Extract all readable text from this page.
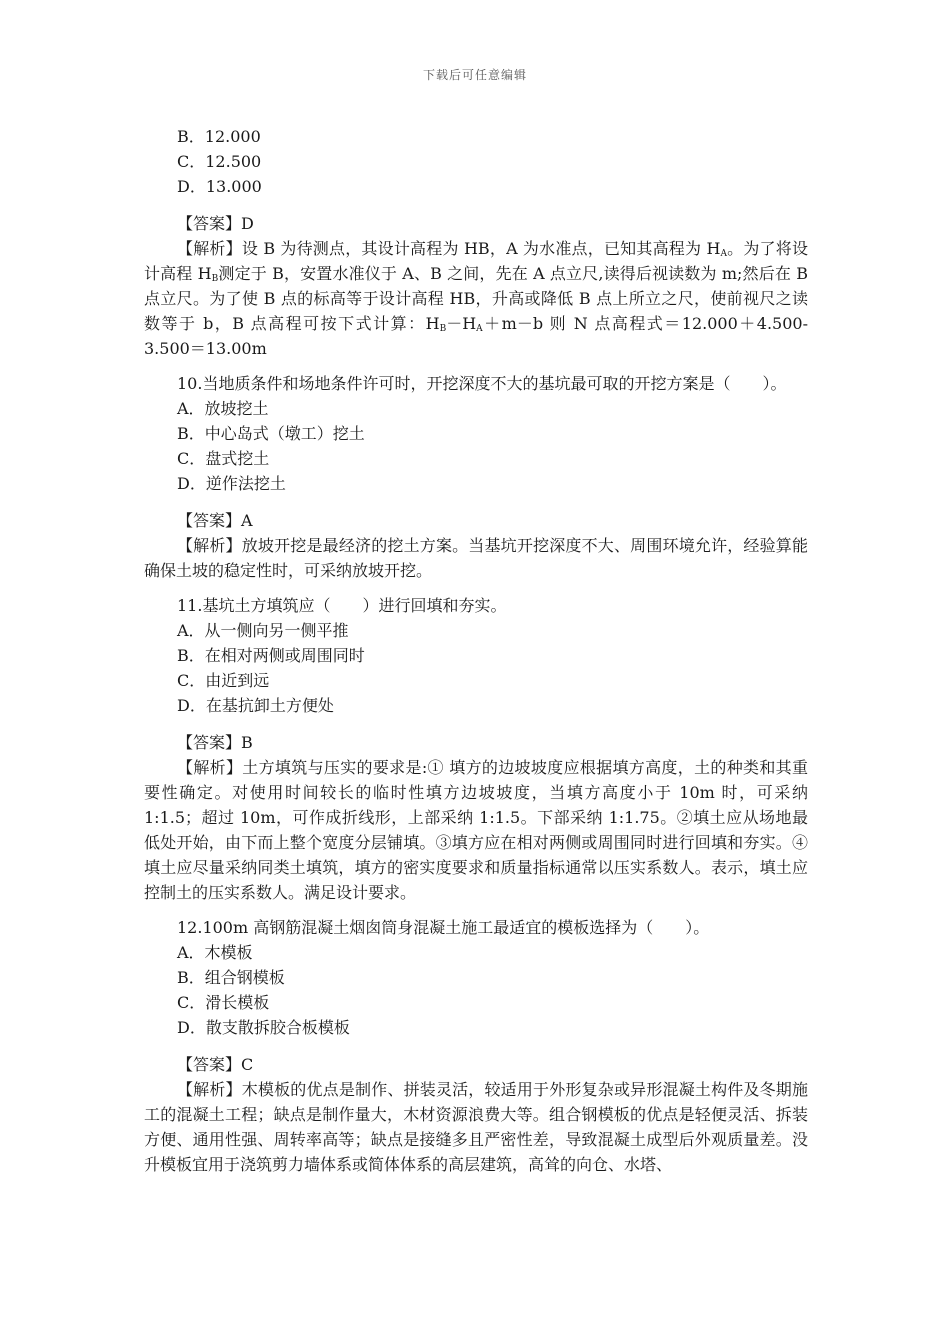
下载后可任意编辑
B．12.000
C．12.500
D．13.000
【答案】D
【解析】设 B 为待测点，其设计高程为 HB，A 为水准点，已知其高程为 $H_A$。为了将设计高程 $H_B$测定于 B，安置水准仪于 A、B 之间，先在 A 点立尺,读得后视读数为 m;然后在 B 点立尺。为了使 B 点的标高等于设计高程 HB，升高或降低 B 点上所立之尺，使前视尺之读数等于 b，B 点高程可按下式计算：$H_B-H_A+m-b$ 则 N 点高程式＝12.000＋4.500-3.500＝13.00m
10.当地质条件和场地条件许可时，开挖深度不大的基坑最可取的开挖方案是（　　）。
A．放坡挖土
B．中心岛式（墩工）挖土
C．盘式挖土
D．逆作法挖土
【答案】A
【解析】放坡开挖是最经济的挖土方案。当基坑开挖深度不大、周围环境允许，经验算能确保土坡的稳定性时，可采纳放坡开挖。
11.基坑土方填筑应（　　）进行回填和夯实。
A．从一侧向另一侧平推
B．在相对两侧或周围同时
C．由近到远
D．在基抗卸土方便处
【答案】B
【解析】土方填筑与压实的要求是:① 填方的边坡坡度应根据填方高度，土的种类和其重要性确定。对使用时间较长的临时性填方边坡坡度，当填方高度小于 10m 时，可采纳 1:1.5；超过 10m，可作成折线形，上部采纳 1:1.5。下部采纳 1:1.75。②填土应从场地最低处开始，由下而上整个宽度分层铺填。③填方应在相对两侧或周围同时进行回填和夯实。④填土应尽量采纳同类土填筑，填方的密实度要求和质量指标通常以压实系数人。表示，填土应控制土的压实系数人。满足设计要求。
12.100m 高钢筋混凝土烟囱筒身混凝土施工最适宜的模板选择为（　　）。
A．木模板
B．组合钢模板
C．滑长模板
D．散支散拆胶合板模板
【答案】C
【解析】木模板的优点是制作、拼装灵活，较适用于外形复杂或异形混凝土构件及冬期施工的混凝土工程；缺点是制作量大，木材资源浪费大等。组合钢模板的优点是轻便灵活、拆装方便、通用性强、周转率高等；缺点是接缝多且严密性差，导致混凝土成型后外观质量差。没升模板宜用于浇筑剪力墙体系或简体体系的高层建筑，高耸的向仓、水塔、
